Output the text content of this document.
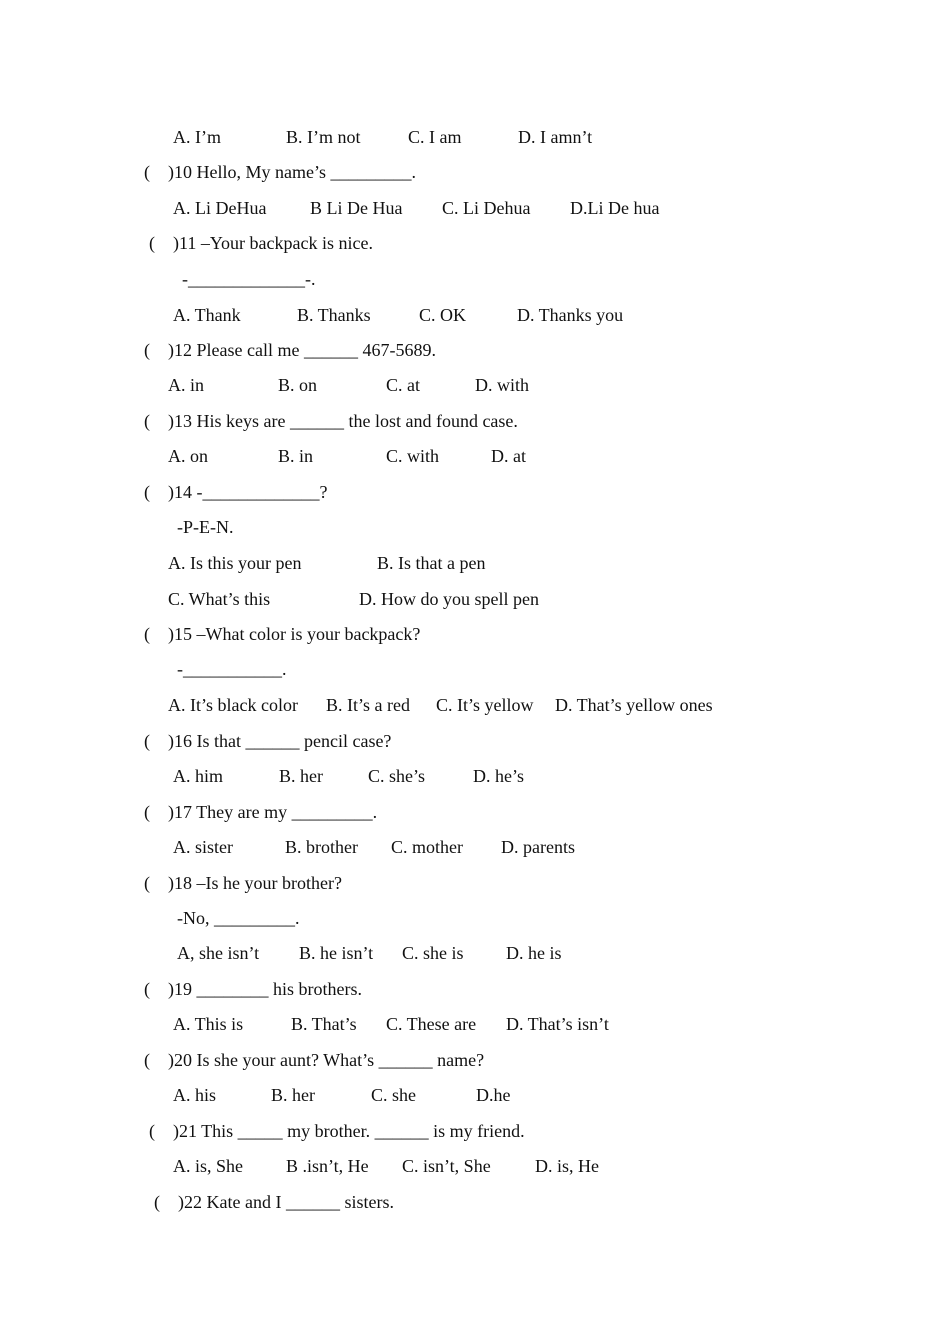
A. I’m	B. I’m not	C. I am	D. I amn’t
(    )10 Hello, My name’s _________.
A. Li DeHua B Li De Hua C. Li Dehua D.Li De hua
(    )11 –Your backpack is nice.
-_____________-.
A. Thank	B. Thanks	C. OK	D. Thanks you
(    )12 Please call me ______ 467-5689.
A. in	B. on	C. at	D. with
(    )13 His keys are ______ the lost and found case.
A. on	B. in	C. with	D. at
(    )14 -_____________?
-P-E-N.
A. Is this your pen	B. Is that a pen
C. What’s this	D. How do you spell pen
(    )15 –What color is your backpack?
-___________.
A. It’s black color B. It’s a red C. It’s yellow D. That’s yellow ones
(    )16 Is that ______ pencil case?
A. him	B. her	C. she’s	D. he’s
(    )17 They are my _________.
A. sister	B. brother C. mother D. parents
(    )18 –Is he your brother?
-No, _________.
A, she isn’t B. he isn’t C. she is D. he is
(    )19 ________ his brothers.
A. This is	B. That’s C. These are D. That’s isn’t
(    )20 Is she your aunt? What’s ______ name?
A. his	B. her	C. she	D.he
(    )21 This _____ my brother. ______ is my friend.
A. is, She B .isn’t, He C. isn’t, She D. is, He
(    )22 Kate and I ______ sisters.
